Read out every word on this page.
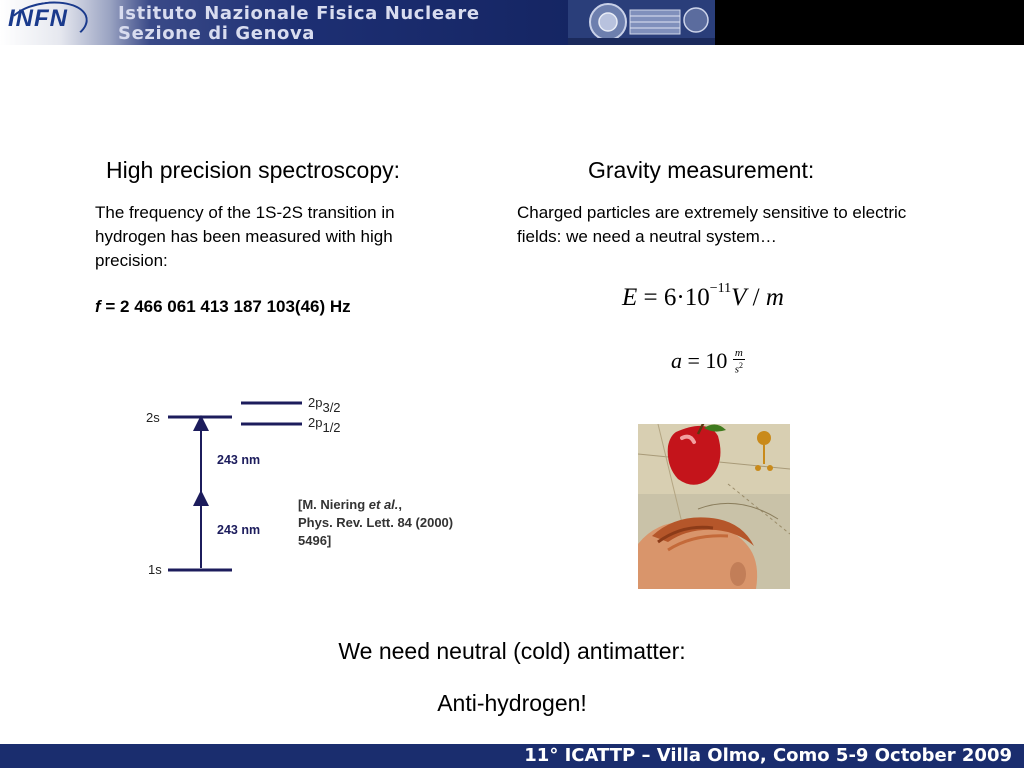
INFN	Istituto Nazionale Fisica Nucleare
Sezione di Genova
High precision spectroscopy:
The frequency of the 1S-2S transition in hydrogen has been measured with high precision:
f = 2 466 061 413 187 103(46) Hz
2s
1s
2p3/2
2p1/2
243 nm
243 nm
[M. Niering et al.,
Phys. Rev. Lett. 84 (2000) 5496]
Gravity measurement:
Charged particles are extremely sensitive to electric fields: we need a neutral system…
$E = 6\cdot 10^{-11}V / m$
$a = 10 \frac{m}{s^2}$
We need neutral (cold) antimatter:
Anti-hydrogen!
11° ICATTP – Villa Olmo, Como 5-9 October 2009
